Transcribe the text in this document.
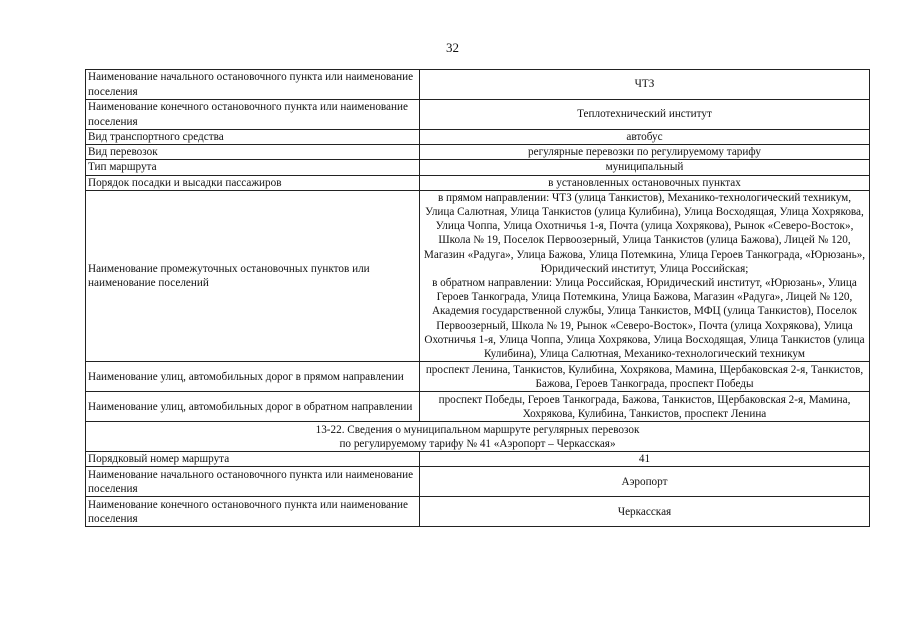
32
Наименование начального остановочного пункта или наименование поселения	ЧТЗ
Наименование конечного остановочного пункта или наименование поселения	Теплотехнический институт
Вид транспортного средства	автобус
Вид перевозок	регулярные перевозки по регулируемому тарифу
Тип маршрута	муниципальный
Порядок посадки и высадки пассажиров	в установленных остановочных пунктах
Наименование промежуточных остановочных пунктов или наименование поселений	в прямом направлении: ЧТЗ (улица Танкистов), Механико-технологический техникум, Улица Салютная, Улица Танкистов (улица Кулибина), Улица Восходящая, Улица Хохрякова, Улица Чоппа, Улица Охотничья 1-я, Почта (улица Хохрякова), Рынок «Северо-Восток», Школа № 19, Поселок Первоозерный, Улица Танкистов (улица Бажова), Лицей № 120, Магазин «Радуга», Улица Бажова, Улица Потемкина, Улица Героев Танкограда, «Юрюзань», Юридический институт, Улица Российская;
в обратном направлении: Улица Российская, Юридический институт, «Юрюзань», Улица Героев Танкограда, Улица Потемкина, Улица Бажова, Магазин «Радуга», Лицей № 120, Академия государственной службы, Улица Танкистов, МФЦ (улица Танкистов), Поселок Первоозерный, Школа № 19, Рынок «Северо-Восток», Почта (улица Хохрякова), Улица Охотничья 1-я, Улица Чоппа, Улица Хохрякова, Улица Восходящая, Улица Танкистов (улица Кулибина), Улица Салютная, Механико-технологический техникум

Наименование улиц, автомобильных дорог в прямом направлении	проспект Ленина, Танкистов, Кулибина, Хохрякова, Мамина, Щербаковская 2-я, Танкистов, Бажова, Героев Танкограда, проспект Победы
Наименование улиц, автомобильных дорог в обратном направлении	проспект Победы, Героев Танкограда, Бажова, Танкистов, Щербаковская 2-я, Мамина, Хохрякова, Кулибина, Танкистов, проспект Ленина

13-22. Сведения о муниципальном маршруте регулярных перевозок
по регулируемому тарифу № 41 «Аэропорт – Черкасская»	

Порядковый номер маршрута	41
Наименование начального остановочного пункта или наименование поселения	Аэропорт
Наименование конечного остановочного пункта или наименование поселения	Черкасская
